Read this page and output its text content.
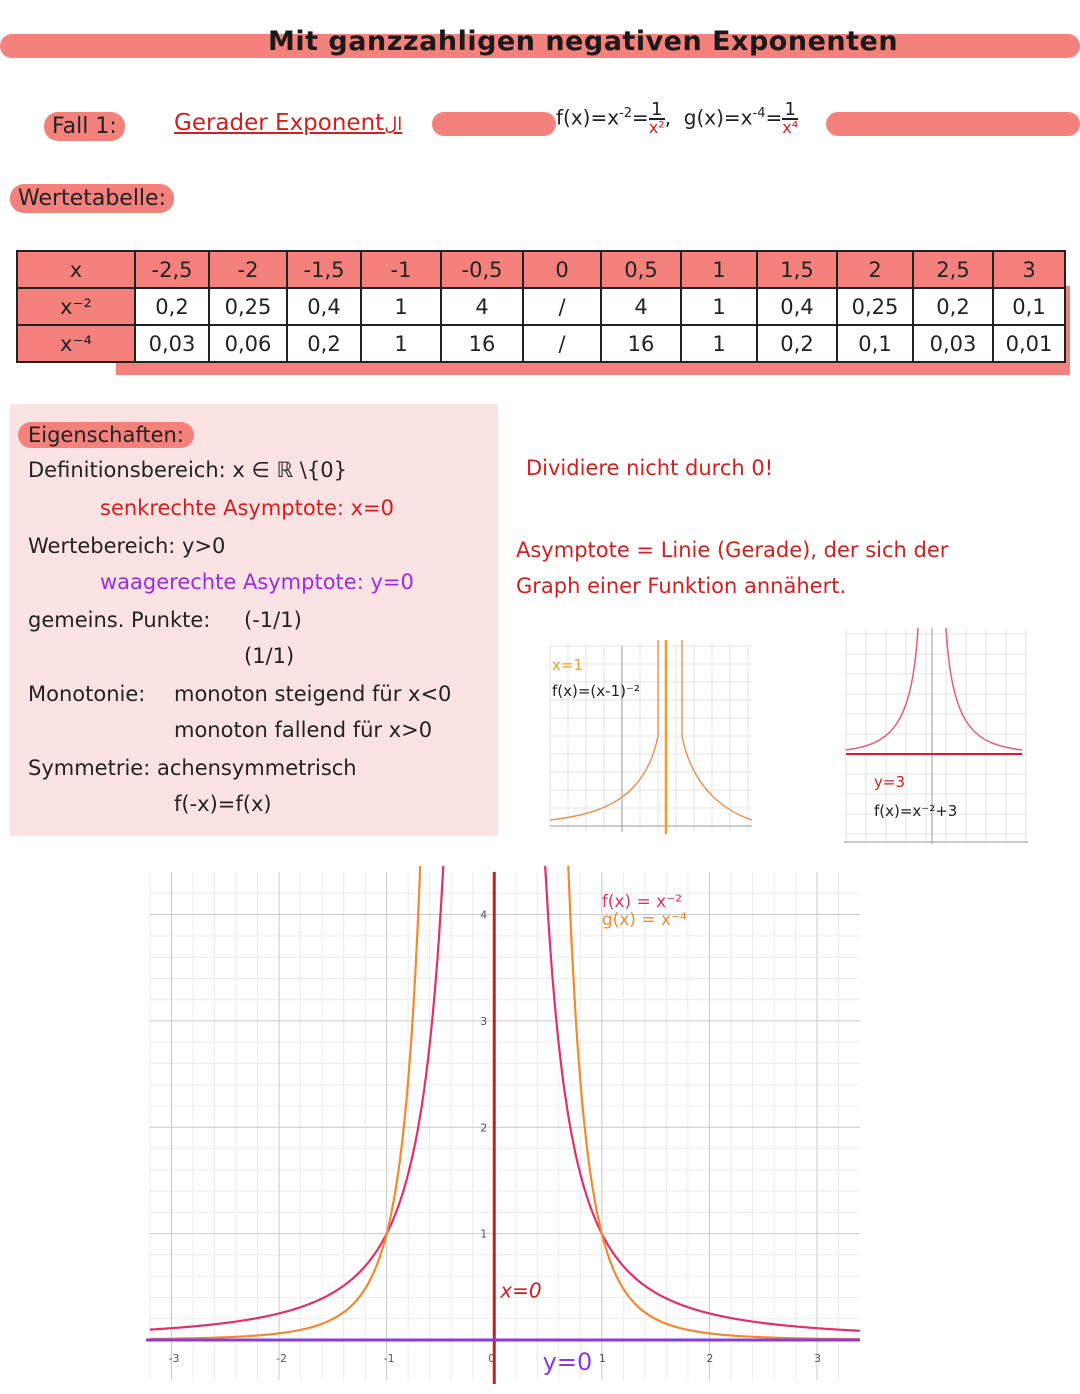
Mit ganzzahligen negativen Exponenten
Fall 1:	Gerader Exponentال	$f(x)=x^{-2}= \frac{1}{\text{x²}}$ ,  $g(x)=x^{-4}= \frac{1}{\text{x⁴}}$
Wertetabelle:
x	-2,5	-2	-1,5	-1	-0,5	0	0,5	1	1,5	2	2,5	3
x⁻²	0,2	0,25	0,4	1	4	/	4	1	0,4	0,25	0,2	0,1
x⁻⁴	0,03	0,06	0,2	1	16	/	16	1	0,2	0,1	0,03	0,01
Eigenschaften:
Definitionsbereich: x ∈ ℝ \{0}
senkrechte Asymptote: x=0
Wertebereich: y>0
waagerechte Asymptote: y=0
gemeins. Punkte: (-1/1)
(1/1)
Monotonie: monoton steigend für x<0
monoton fallend für x>0
Symmetrie: achensymmetrisch
f(-x)=f(x)
Dividiere nicht durch 0!
Asymptote = Linie (Gerade), der sich der
Graph einer Funktion annähert.
x=1
f(x)=(x-1)⁻²
y=3
f(x)=x⁻²+3
-3	-2	-1	0	1	2	3
1
2
3
4
x=0
y=0
f(x) = x⁻²
g(x) = x⁻⁴
